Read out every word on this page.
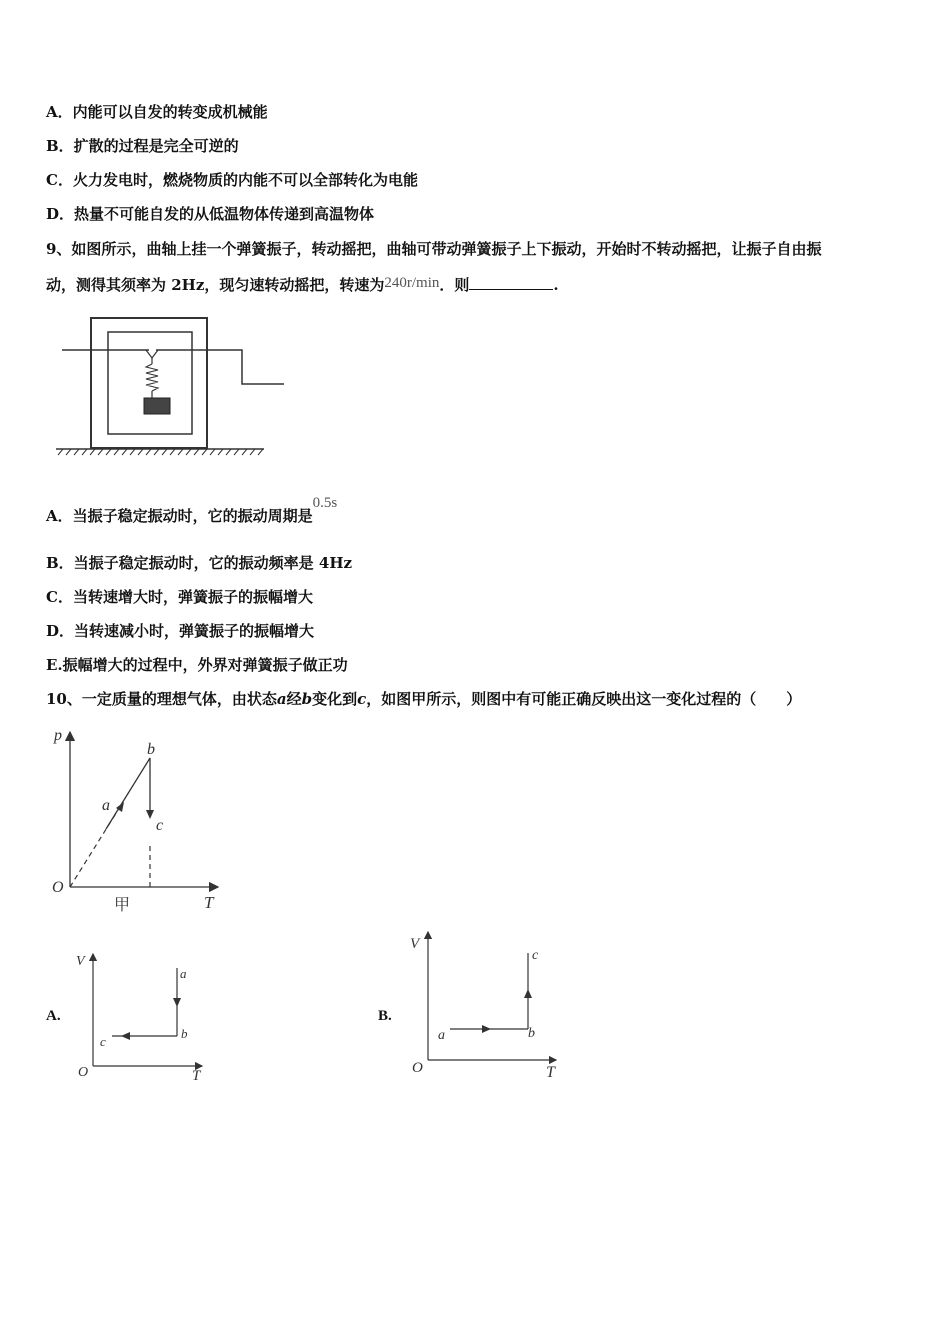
A．内能可以自发的转变成机械能
B．扩散的过程是完全可逆的
C．火力发电时，燃烧物质的内能不可以全部转化为电能
D．热量不可能自发的从低温物体传递到高温物体
9、如图所示，曲轴上挂一个弹簧振子，转动摇把，曲轴可带动弹簧振子上下振动，开始时不转动摇把，让振子自由振
动，测得其须率为 2Hz，现匀速转动摇把，转速为240r/min．则	.
A．当振子稳定振动时，它的振动周期是0.5s
B．当振子稳定振动时，它的振动频率是 4Hz
C．当转速增大时，弹簧振子的振幅增大
D．当转速减小时，弹簧振子的振幅增大
E.振幅增大的过程中，外界对弹簧振子做正功
10、一定质量的理想气体，由状态a经b变化到c，如图甲所示，则图中有可能正确反映出这一变化过程的（　　）
p
T
O
a
b
c
甲
A.
V
T
O
a
b
c
B.
V
T
O
a	b
c
